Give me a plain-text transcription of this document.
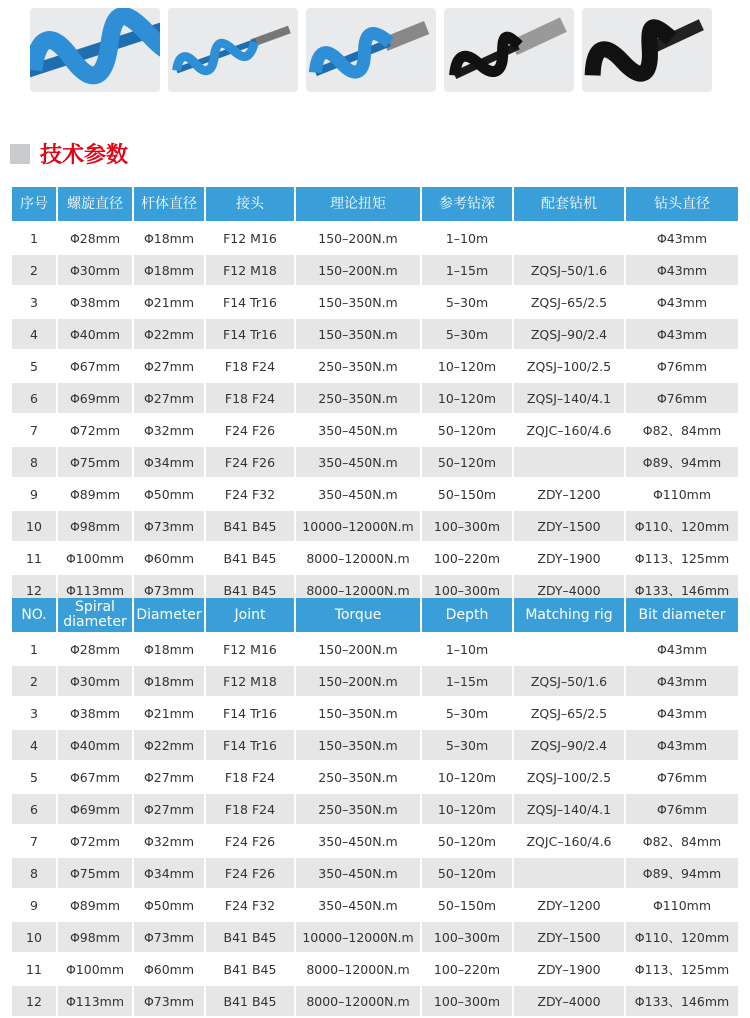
技术参数
序号	螺旋直径	杆体直径	接头	理论扭矩	参考钻深	配套钻机	钻头直径
1	Φ28mm	Φ18mm	F12 M16	150–200N.m	1–10m		Φ43mm
2	Φ30mm	Φ18mm	F12 M18	150–200N.m	1–15m	ZQSJ–50/1.6	Φ43mm
3	Φ38mm	Φ21mm	F14 Tr16	150–350N.m	5–30m	ZQSJ–65/2.5	Φ43mm
4	Φ40mm	Φ22mm	F14 Tr16	150–350N.m	5–30m	ZQSJ–90/2.4	Φ43mm
5	Φ67mm	Φ27mm	F18 F24	250–350N.m	10–120m	ZQSJ–100/2.5	Φ76mm
6	Φ69mm	Φ27mm	F18 F24	250–350N.m	10–120m	ZQSJ–140/4.1	Φ76mm
7	Φ72mm	Φ32mm	F24 F26	350–450N.m	50–120m	ZQJC–160/4.6	Φ82、84mm
8	Φ75mm	Φ34mm	F24 F26	350–450N.m	50–120m		Φ89、94mm
9	Φ89mm	Φ50mm	F24 F32	350–450N.m	50–150m	ZDY–1200	Φ110mm
10	Φ98mm	Φ73mm	B41 B45	10000–12000N.m	100–300m	ZDY–1500	Φ110、120mm
11	Φ100mm	Φ60mm	B41 B45	8000–12000N.m	100–220m	ZDY–1900	Φ113、125mm
12	Φ113mm	Φ73mm	B41 B45	8000–12000N.m	100–300m	ZDY–4000	Φ133、146mm
NO.	Spiral diameter	Diameter	Joint	Torque	Depth	Matching rig	Bit diameter
1	Φ28mm	Φ18mm	F12 M16	150–200N.m	1–10m		Φ43mm
2	Φ30mm	Φ18mm	F12 M18	150–200N.m	1–15m	ZQSJ–50/1.6	Φ43mm
3	Φ38mm	Φ21mm	F14 Tr16	150–350N.m	5–30m	ZQSJ–65/2.5	Φ43mm
4	Φ40mm	Φ22mm	F14 Tr16	150–350N.m	5–30m	ZQSJ–90/2.4	Φ43mm
5	Φ67mm	Φ27mm	F18 F24	250–350N.m	10–120m	ZQSJ–100/2.5	Φ76mm
6	Φ69mm	Φ27mm	F18 F24	250–350N.m	10–120m	ZQSJ–140/4.1	Φ76mm
7	Φ72mm	Φ32mm	F24 F26	350–450N.m	50–120m	ZQJC–160/4.6	Φ82、84mm
8	Φ75mm	Φ34mm	F24 F26	350–450N.m	50–120m		Φ89、94mm
9	Φ89mm	Φ50mm	F24 F32	350–450N.m	50–150m	ZDY–1200	Φ110mm
10	Φ98mm	Φ73mm	B41 B45	10000–12000N.m	100–300m	ZDY–1500	Φ110、120mm
11	Φ100mm	Φ60mm	B41 B45	8000–12000N.m	100–220m	ZDY–1900	Φ113、125mm
12	Φ113mm	Φ73mm	B41 B45	8000–12000N.m	100–300m	ZDY–4000	Φ133、146mm
